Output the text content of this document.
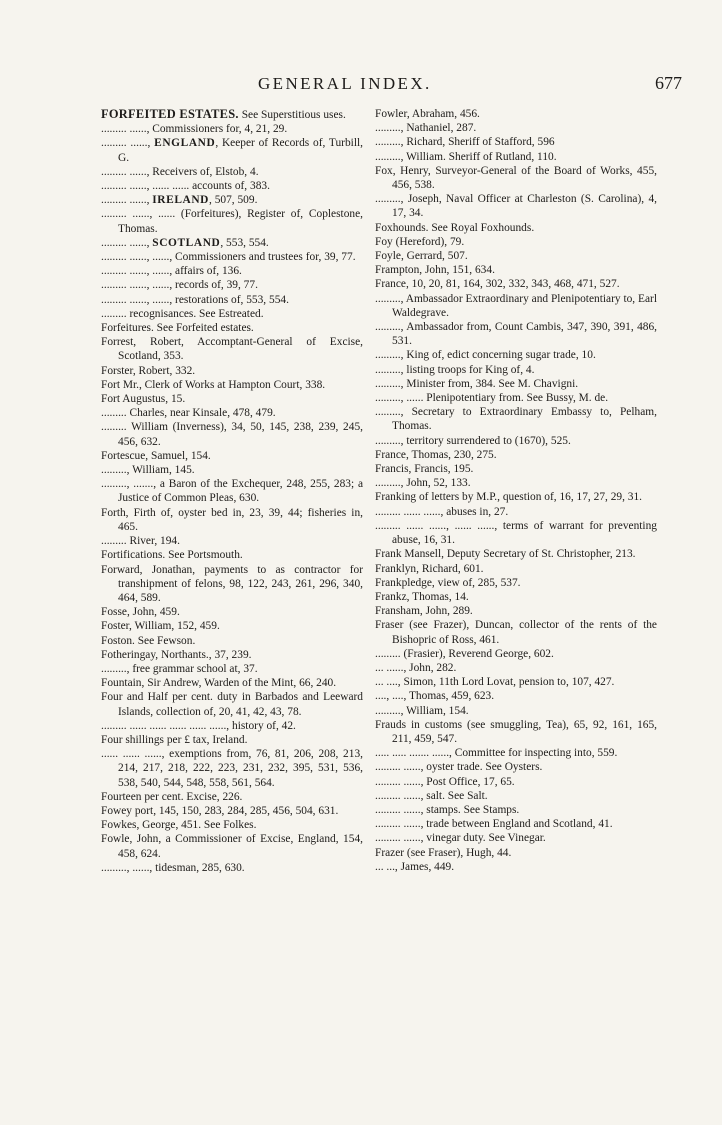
GENERAL INDEX.	677
FORFEITED ESTATES. See Superstitious uses.
......... ......, Commissioners for, 4, 21, 29.
......... ......, ENGLAND, Keeper of Records of, Turbill, G.
......... ......, Receivers of, Elstob, 4.
......... ......, ...... ...... accounts of, 383.
......... ......, IRELAND, 507, 509.
......... ......, ...... (Forfeitures), Register of, Coplestone, Thomas.
......... ......, SCOTLAND, 553, 554.
......... ......, ......, Commissioners and trustees for, 39, 77.
......... ......, ......, affairs of, 136.
......... ......, ......, records of, 39, 77.
......... ......, ......, restorations of, 553, 554.
......... recognisances. See Estreated.
Forfeitures. See Forfeited estates.
Forrest, Robert, Accomptant-General of Excise, Scotland, 353.
Forster, Robert, 332.
Fort Mr., Clerk of Works at Hampton Court, 338.
Fort Augustus, 15.
......... Charles, near Kinsale, 478, 479.
......... William (Inverness), 34, 50, 145, 238, 239, 245, 456, 632.
Fortescue, Samuel, 154.
........., William, 145.
........., ......., a Baron of the Exchequer, 248, 255, 283; a Justice of Common Pleas, 630.
Forth, Firth of, oyster bed in, 23, 39, 44; fisheries in, 465.
......... River, 194.
Fortifications. See Portsmouth.
Forward, Jonathan, payments to as contractor for transhipment of felons, 98, 122, 243, 261, 296, 340, 464, 589.
Fosse, John, 459.
Foster, William, 152, 459.
Foston. See Fewson.
Fotheringay, Northants., 37, 239.
........., free grammar school at, 37.
Fountain, Sir Andrew, Warden of the Mint, 66, 240.
Four and Half per cent. duty in Barbados and Leeward Islands, collection of, 20, 41, 42, 43, 78.
......... ...... ...... ...... ...... ......, history of, 42.
Four shillings per £ tax, Ireland.
...... ...... ......, exemptions from, 76, 81, 206, 208, 213, 214, 217, 218, 222, 223, 231, 232, 395, 531, 536, 538, 540, 544, 548, 558, 561, 564.
Fourteen per cent. Excise, 226.
Fowey port, 145, 150, 283, 284, 285, 456, 504, 631.
Fowkes, George, 451. See Folkes.
Fowle, John, a Commissioner of Excise, England, 154, 458, 624.
........., ......, tidesman, 285, 630.
Fowler, Abraham, 456.
........., Nathaniel, 287.
........., Richard, Sheriff of Stafford, 596
........., William. Sheriff of Rutland, 110.
Fox, Henry, Surveyor-General of the Board of Works, 455, 456, 538.
........., Joseph, Naval Officer at Charleston (S. Carolina), 4, 17, 34.
Foxhounds. See Royal Foxhounds.
Foy (Hereford), 79.
Foyle, Gerrard, 507.
Frampton, John, 151, 634.
France, 10, 20, 81, 164, 302, 332, 343, 468, 471, 527.
........., Ambassador Extraordinary and Plenipotentiary to, Earl Waldegrave.
........., Ambassador from, Count Cambis, 347, 390, 391, 486, 531.
........., King of, edict concerning sugar trade, 10.
........., listing troops for King of, 4.
........., Minister from, 384. See M. Chavigni.
........., ...... Plenipotentiary from. See Bussy, M. de.
........., Secretary to Extraordinary Embassy to, Pelham, Thomas.
........., territory surrendered to (1670), 525.
France, Thomas, 230, 275.
Francis, Francis, 195.
........., John, 52, 133.
Franking of letters by M.P., question of, 16, 17, 27, 29, 31.
......... ...... ......, abuses in, 27.
......... ...... ......, ...... ......, terms of warrant for preventing abuse, 16, 31.
Frank Mansell, Deputy Secretary of St. Christopher, 213.
Franklyn, Richard, 601.
Frankpledge, view of, 285, 537.
Frankz, Thomas, 14.
Fransham, John, 289.
Fraser (see Frazer), Duncan, collector of the rents of the Bishopric of Ross, 461.
......... (Frasier), Reverend George, 602.
... ......, John, 282.
... ...., Simon, 11th Lord Lovat, pension to, 107, 427.
...., ...., Thomas, 459, 623.
........., William, 154.
Frauds in customs (see smuggling, Tea), 65, 92, 161, 165, 211, 459, 547.
..... ..... ....... ......, Committee for inspecting into, 559.
......... ......, oyster trade. See Oysters.
......... ......, Post Office, 17, 65.
......... ......, salt. See Salt.
......... ......, stamps. See Stamps.
......... ......, trade between England and Scotland, 41.
......... ......, vinegar duty. See Vinegar.
Frazer (see Fraser), Hugh, 44.
... ..., James, 449.
